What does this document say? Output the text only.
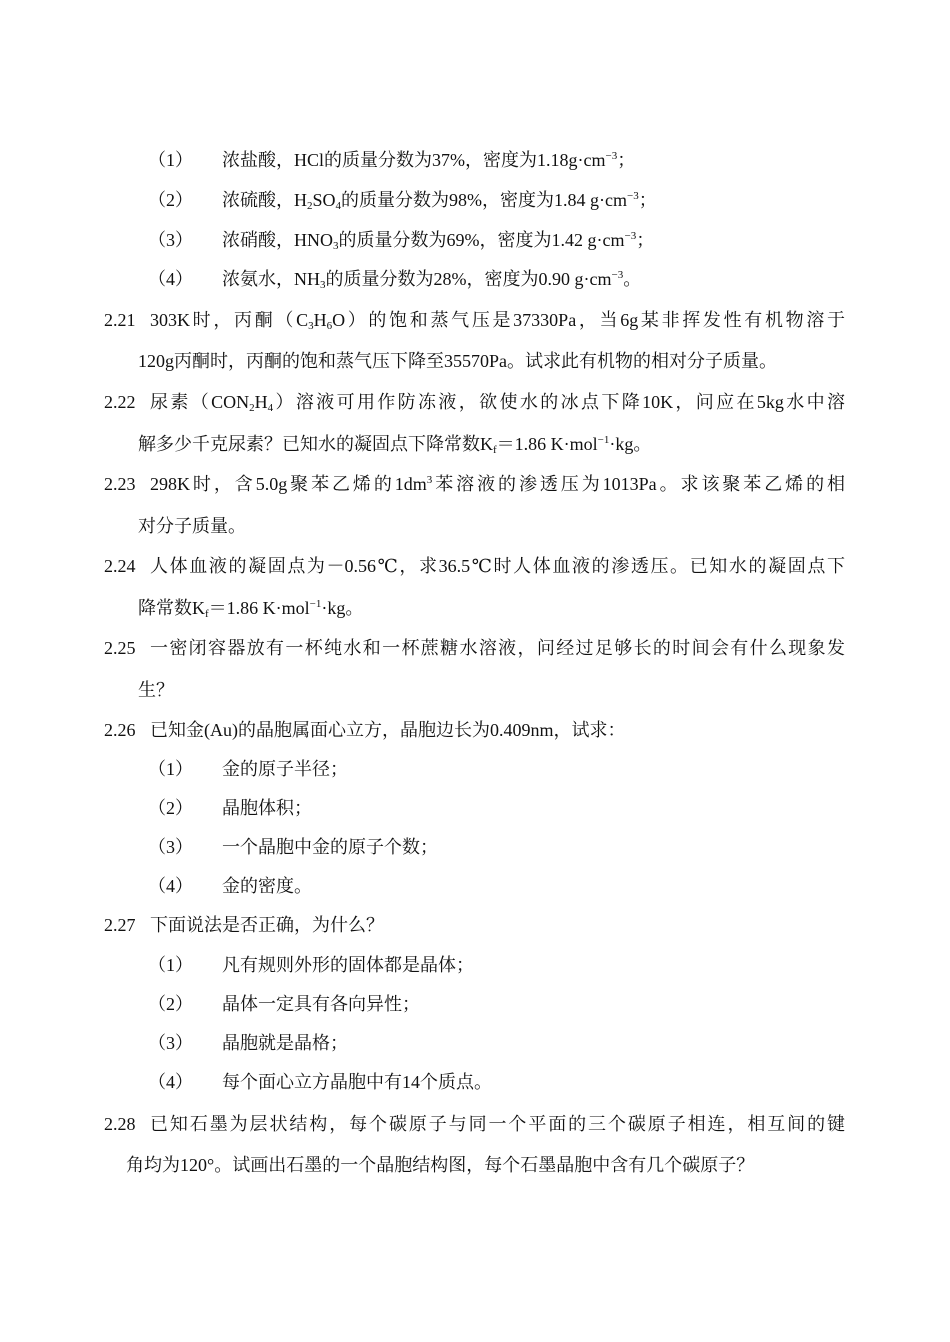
（1） 浓盐酸，HCl的质量分数为37%，密度为$1.18g\cdot cm^{-3}$；
（2） 浓硫酸，$H_2SO_4$的质量分数为98%，密度为1.84 $g\cdot cm^{-3}$；
（3） 浓硝酸，$HNO_3$的质量分数为69%，密度为1.42 $g\cdot cm^{-3}$；
（4） 浓氨水，$NH_3$的质量分数为28%，密度为0.90 $g\cdot cm^{-3}$。
2.21 303K时，丙酮$(C_3H_6O)$的饱和蒸气压是37330Pa，当6g某非挥发性有机物溶于
120g丙酮时，丙酮的饱和蒸气压下降至35570Pa。试求此有机物的相对分子质量。
2.22 尿素$(CON_2H_4)$溶液可用作防冻液，欲使水的冰点下降10K，问应在5kg水中溶
解多少千克尿素？已知水的凝固点下降常数$K_f=1.86$ K·mol$^{-1}$·kg。
2.23 298K时，含5.0g聚苯乙烯的$1dm^3$苯溶液的渗透压为1013Pa。求该聚苯乙烯的相
对分子质量。
2.24 人体血液的凝固点为－0.56℃，求36.5℃时人体血液的渗透压。已知水的凝固点下
降常数$K_f=1.86$ K·mol$^{-1}$·kg。
2.25 一密闭容器放有一杯纯水和一杯蔗糖水溶液，问经过足够长的时间会有什么现象发
生？
2.26 已知金(Au)的晶胞属面心立方，晶胞边长为0.409nm，试求：
（1） 金的原子半径；
（2） 晶胞体积；
（3） 一个晶胞中金的原子个数；
（4） 金的密度。
2.27 下面说法是否正确，为什么？
（1） 凡有规则外形的固体都是晶体；
（2） 晶体一定具有各向异性；
（3） 晶胞就是晶格；
（4） 每个面心立方晶胞中有14个质点。
2.28 已知石墨为层状结构，每个碳原子与同一个平面的三个碳原子相连，相互间的键
角均为120°。试画出石墨的一个晶胞结构图，每个石墨晶胞中含有几个碳原子？
